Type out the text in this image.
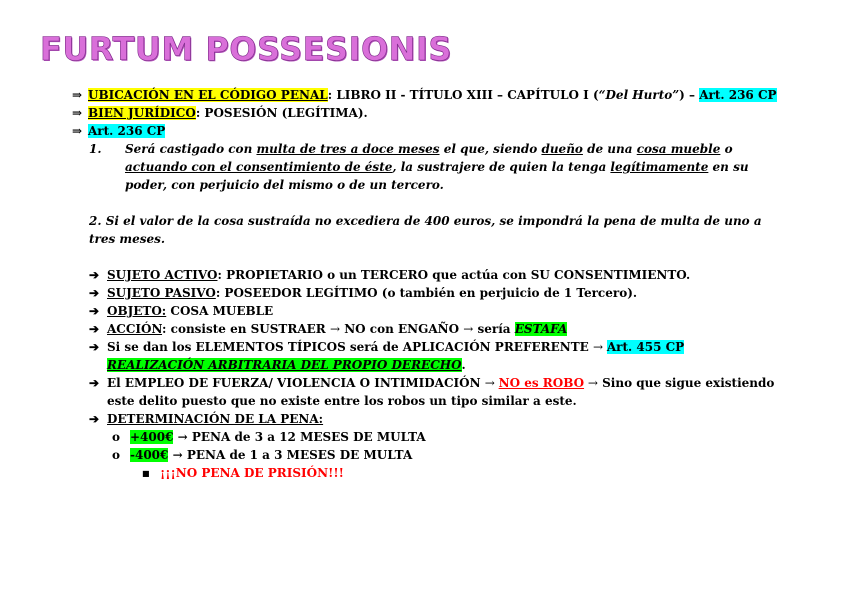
FURTUM POSSESIONIS
⇒ UBICACIÓN EN EL CÓDIGO PENAL: LIBRO II - TÍTULO XIII – CAPÍTULO I (“Del Hurto”) – Art. 236 CP
⇒ BIEN JURÍDICO: POSESIÓN (LEGÍTIMA).
⇒ Art. 236 CP
1. Será castigado con multa de tres a doce meses el que, siendo dueño de una cosa mueble o actuando con el consentimiento de éste, la sustrajere de quien la tenga legítimamente en su poder, con perjuicio del mismo o de un tercero.
2. Si el valor de la cosa sustraída no excediera de 400 euros, se impondrá la pena de multa de uno a tres meses.
➔ SUJETO ACTIVO: PROPIETARIO o un TERCERO que actúa con SU CONSENTIMIENTO.
➔ SUJETO PASIVO: POSEEDOR LEGÍTIMO (o también en perjuicio de 1 Tercero).
➔ OBJETO: COSA MUEBLE
➔ ACCIÓN: consiste en SUSTRAER → NO con ENGAÑO → sería ESTAFA
➔ Si se dan los ELEMENTOS TÍPICOS será de APLICACIÓN PREFERENTE → Art. 455 CP REALIZACIÓN ARBITRARIA DEL PROPIO DERECHO.
➔ El EMPLEO DE FUERZA/ VIOLENCIA O INTIMIDACIÓN → NO es ROBO → Sino que sigue existiendo este delito puesto que no existe entre los robos un tipo similar a este.
➔ DETERMINACIÓN DE LA PENA:
o +400€ → PENA de 3 a 12 MESES DE MULTA
o -400€ → PENA de 1 a 3 MESES DE MULTA
■ ¡¡¡NO PENA DE PRISIÓN!!!
